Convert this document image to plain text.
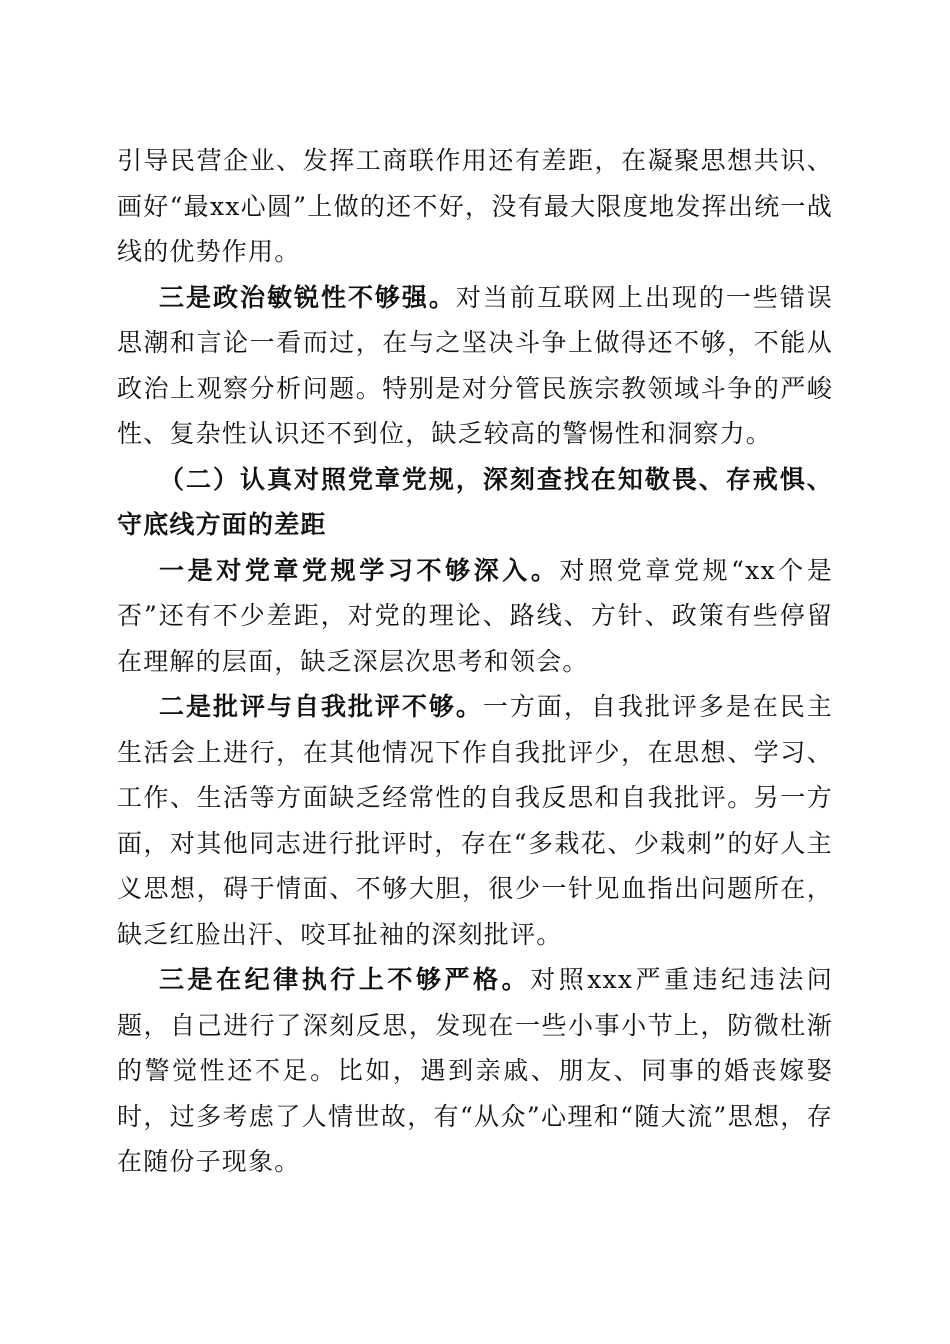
引导民营企业、发挥工商联作用还有差距，在凝聚思想共识、画好“最xx心圆”上做的还不好，没有最大限度地发挥出统一战线的优势作用。

三是政治敏锐性不够强。对当前互联网上出现的一些错误思潮和言论一看而过，在与之坚决斗争上做得还不够，不能从政治上观察分析问题。特别是对分管民族宗教领域斗争的严峻性、复杂性认识还不到位，缺乏较高的警惕性和洞察力。

（二）认真对照党章党规，深刻查找在知敬畏、存戒惧、守底线方面的差距

一是对党章党规学习不够深入。对照党章党规“xx个是否”还有不少差距，对党的理论、路线、方针、政策有些停留在理解的层面，缺乏深层次思考和领会。

二是批评与自我批评不够。一方面，自我批评多是在民主生活会上进行，在其他情况下作自我批评少，在思想、学习、工作、生活等方面缺乏经常性的自我反思和自我批评。另一方面，对其他同志进行批评时，存在“多栽花、少栽刺”的好人主义思想，碍于情面、不够大胆，很少一针见血指出问题所在，缺乏红脸出汗、咬耳扯袖的深刻批评。

三是在纪律执行上不够严格。对照xxx严重违纪违法问题，自己进行了深刻反思，发现在一些小事小节上，防微杜渐的警觉性还不足。比如，遇到亲戚、朋友、同事的婚丧嫁娶时，过多考虑了人情世故，有“从众”心理和“随大流”思想，存在随份子现象。
